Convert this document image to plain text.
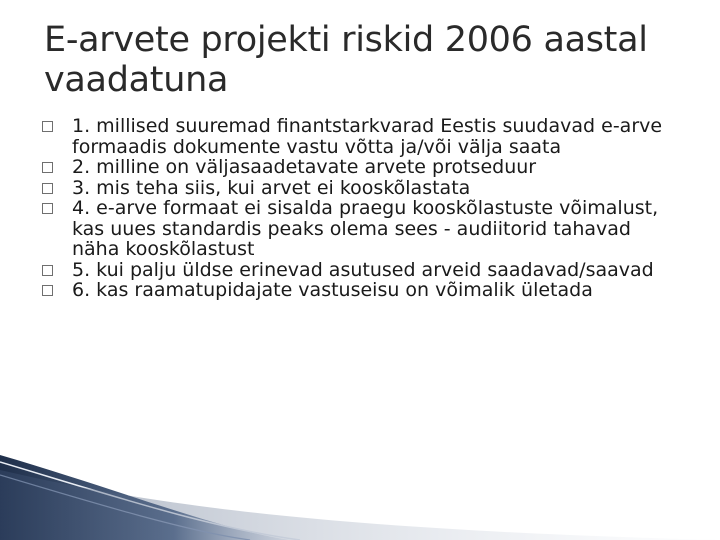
E-arvete projekti riskid 2006 aastal vaadatuna
1. millised suuremad finantstarkvarad Eestis suudavad e-arve formaadis dokumente vastu võtta ja/või välja saata
2. milline on väljasaadetavate arvete protseduur
3. mis teha siis, kui arvet ei kooskõlastata
4. e-arve formaat ei sisalda praegu kooskõlastuste võimalust, kas uues standardis peaks olema sees - audiitorid tahavad näha kooskõlastust
5. kui palju üldse erinevad asutused arveid saadavad/saavad
6. kas raamatupidajate vastuseisu on võimalik ületada
